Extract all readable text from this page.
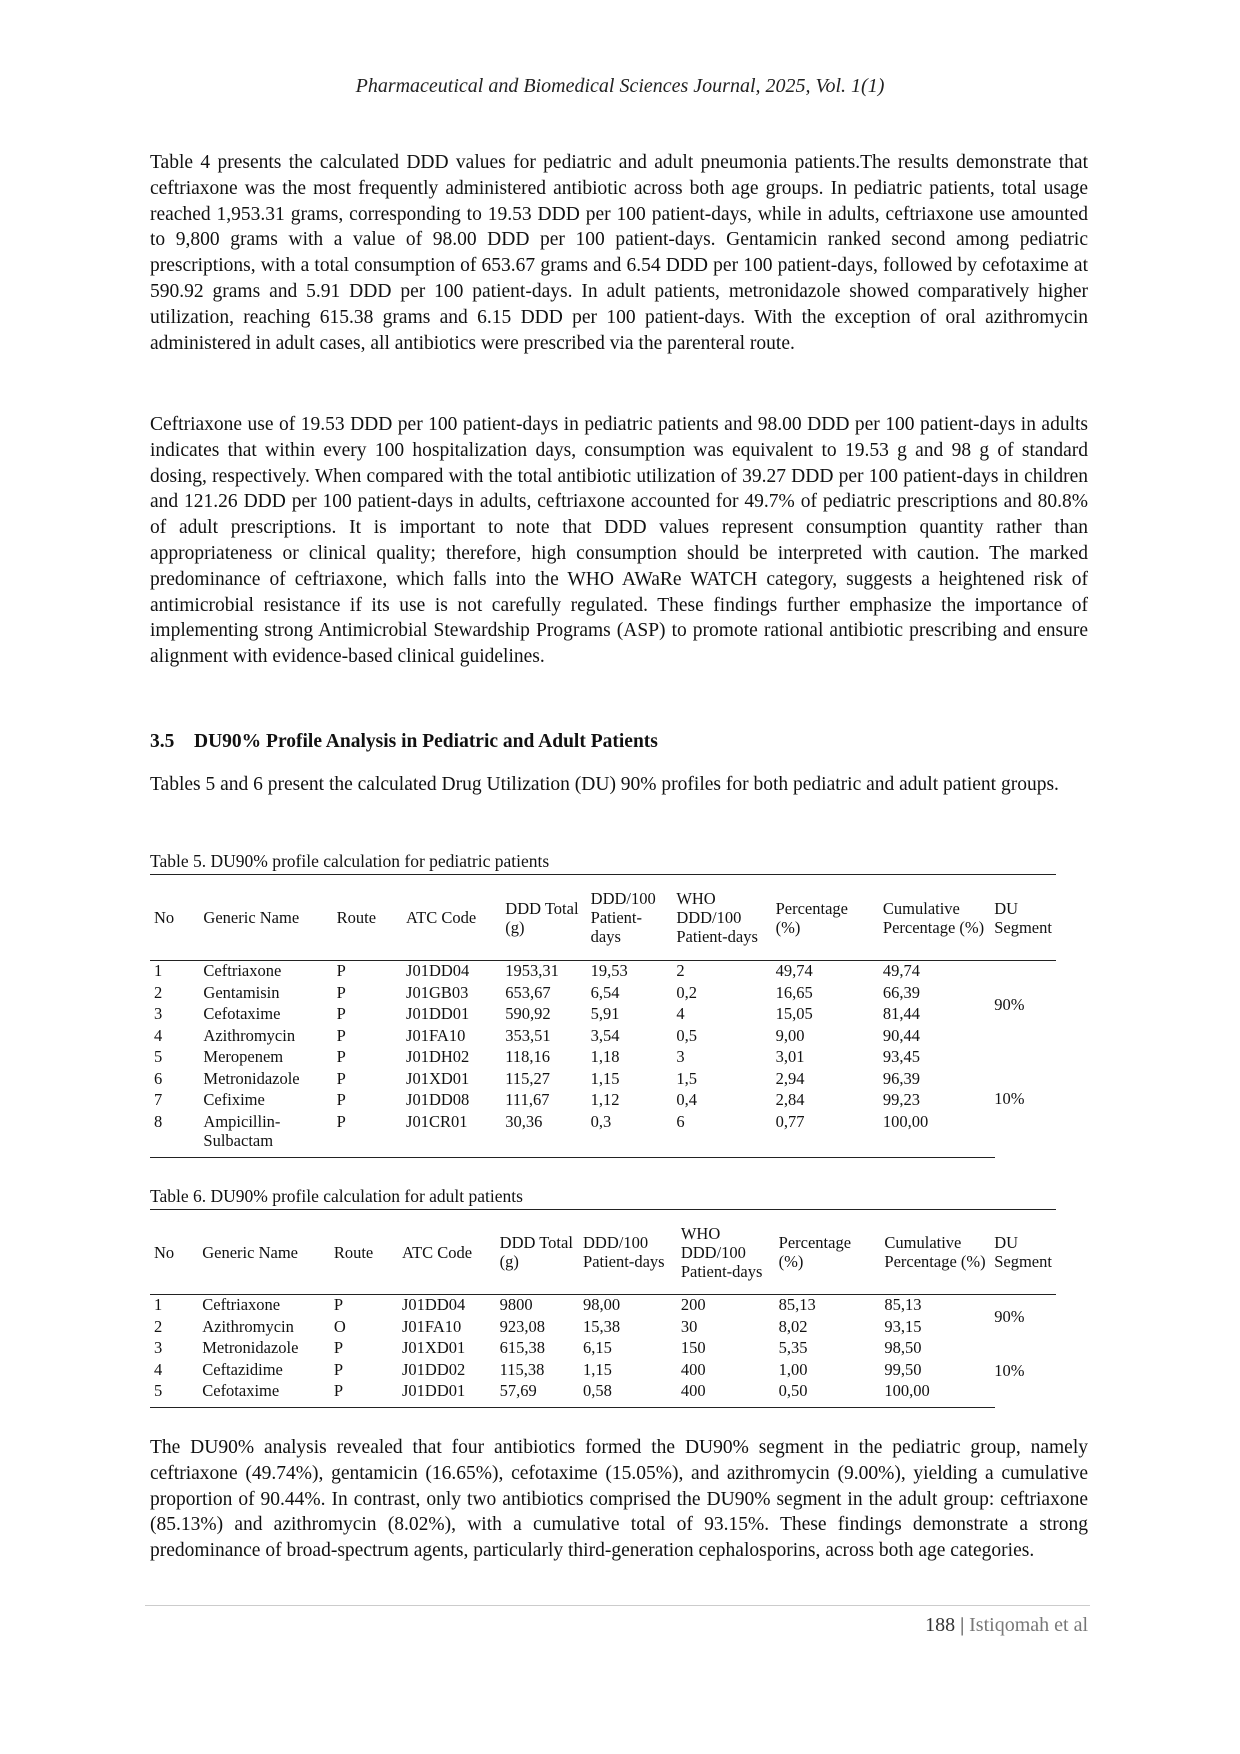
Pharmaceutical and Biomedical Sciences Journal, 2025, Vol. 1(1)

Table 4 presents the calculated DDD values for pediatric and adult pneumonia patients.The results demonstrate that ceftriaxone was the most frequently administered antibiotic across both age groups. In pediatric patients, total usage reached 1,953.31 grams, corresponding to 19.53 DDD per 100 patient-days, while in adults, ceftriaxone use amounted to 9,800 grams with a value of 98.00 DDD per 100 patient-days. Gentamicin ranked second among pediatric prescriptions, with a total consumption of 653.67 grams and 6.54 DDD per 100 patient-days, followed by cefotaxime at 590.92 grams and 5.91 DDD per 100 patient-days. In adult patients, metronidazole showed comparatively higher utilization, reaching 615.38 grams and 6.15 DDD per 100 patient-days. With the exception of oral azithromycin administered in adult cases, all antibiotics were prescribed via the parenteral route.

Ceftriaxone use of 19.53 DDD per 100 patient-days in pediatric patients and 98.00 DDD per 100 patient-days in adults indicates that within every 100 hospitalization days, consumption was equivalent to 19.53 g and 98 g of standard dosing, respectively. When compared with the total antibiotic utilization of 39.27 DDD per 100 patient-days in children and 121.26 DDD per 100 patient-days in adults, ceftriaxone accounted for 49.7% of pediatric prescriptions and 80.8% of adult prescriptions. It is important to note that DDD values represent consumption quantity rather than appropriateness or clinical quality; therefore, high consumption should be interpreted with caution. The marked predominance of ceftriaxone, which falls into the WHO AWaRe WATCH category, suggests a heightened risk of antimicrobial resistance if its use is not carefully regulated. These findings further emphasize the importance of implementing strong Antimicrobial Stewardship Programs (ASP) to promote rational antibiotic prescribing and ensure alignment with evidence-based clinical guidelines.

3.5 DU90% Profile Analysis in Pediatric and Adult Patients

Tables 5 and 6 present the calculated Drug Utilization (DU) 90% profiles for both pediatric and adult patient groups.

Table 5. DU90% profile calculation for pediatric patients
No	Generic Name	Route	ATC Code	DDD Total (g)	DDD/100 Patient-days	WHO DDD/100 Patient-days	Percentage (%)	Cumulative Percentage (%)	DU Segment
1	Ceftriaxone	P	J01DD04	1953,31	19,53	2	49,74	49,74	90%
2	Gentamisin	P	J01GB03	653,67	6,54	0,2	16,65	66,39	
3	Cefotaxime	P	J01DD01	590,92	5,91	4	15,05	81,44	
4	Azithromycin	P	J01FA10	353,51	3,54	0,5	9,00	90,44	
5	Meropenem	P	J01DH02	118,16	1,18	3	3,01	93,45	10%
6	Metronidazole	P	J01XD01	115,27	1,15	1,5	2,94	96,39	
7	Cefixime	P	J01DD08	111,67	1,12	0,4	2,84	99,23	
8	Ampicillin-Sulbactam	P	J01CR01	30,36	0,3	6	0,77	100,00	
Table 6. DU90% profile calculation for adult patients
No	Generic Name	Route	ATC Code	DDD Total (g)	DDD/100 Patient-days	WHO DDD/100 Patient-days	Percentage (%)	Cumulative Percentage (%)	DU Segment
1	Ceftriaxone	P	J01DD04	9800	98,00	200	85,13	85,13	90%
2	Azithromycin	O	J01FA10	923,08	15,38	30	8,02	93,15	
3	Metronidazole	P	J01XD01	615,38	6,15	150	5,35	98,50	10%
4	Ceftazidime	P	J01DD02	115,38	1,15	400	1,00	99,50	
5	Cefotaxime	P	J01DD01	57,69	0,58	400	0,50	100,00	

The DU90% analysis revealed that four antibiotics formed the DU90% segment in the pediatric group, namely ceftriaxone (49.74%), gentamicin (16.65%), cefotaxime (15.05%), and azithromycin (9.00%), yielding a cumulative proportion of 90.44%. In contrast, only two antibiotics comprised the DU90% segment in the adult group: ceftriaxone (85.13%) and azithromycin (8.02%), with a cumulative total of 93.15%. These findings demonstrate a strong predominance of broad-spectrum agents, particularly third-generation cephalosporins, across both age categories.

188 | Istiqomah et al
